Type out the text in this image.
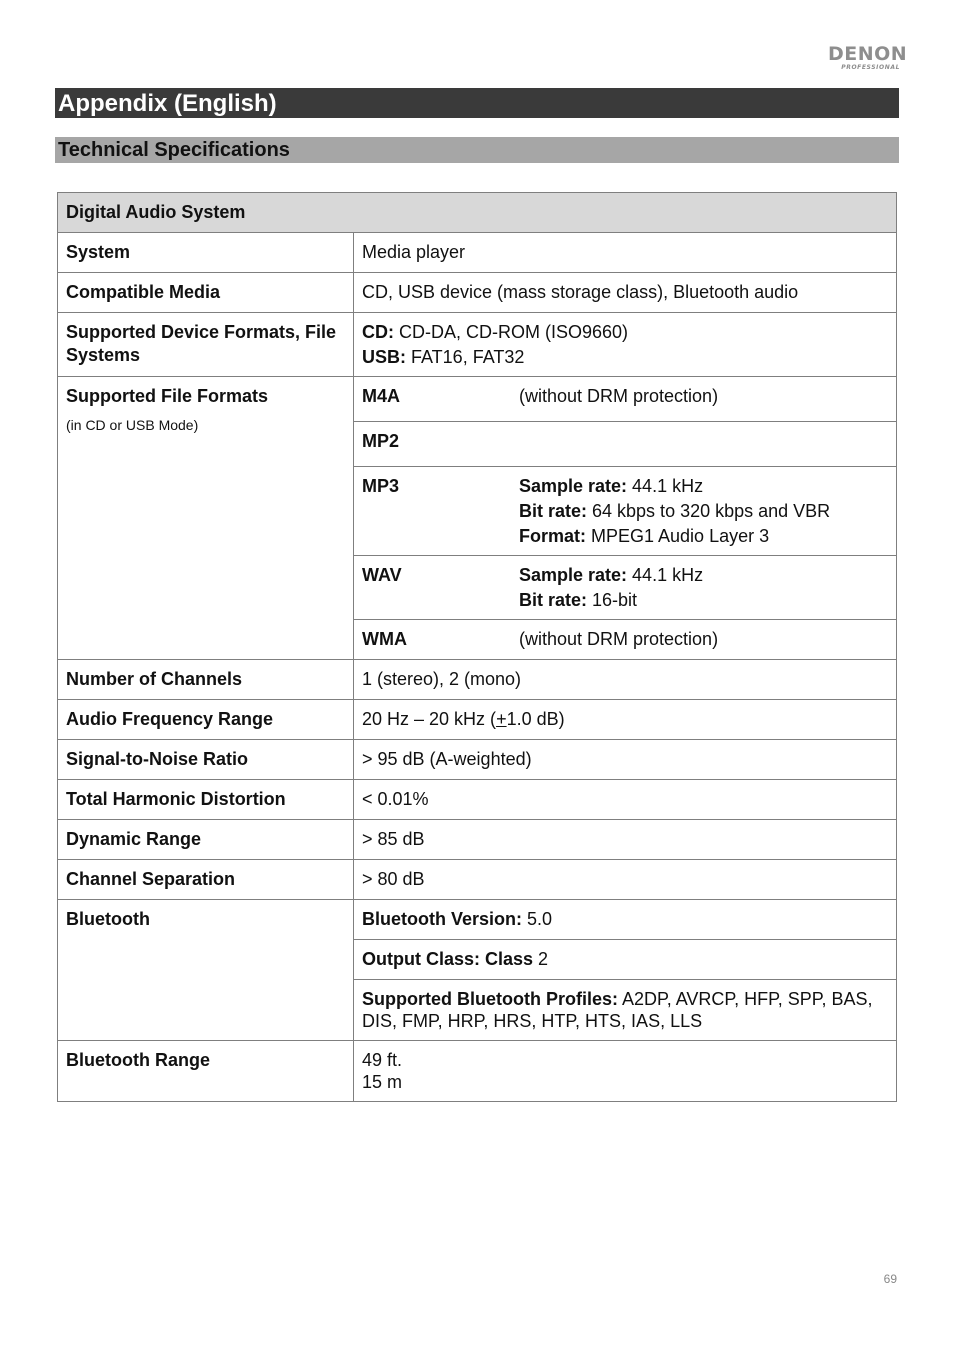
DENON
PROFESSIONAL
Appendix (English)
Technical Specifications
Digital Audio System		
System	Media player	
Compatible Media	CD, USB device (mass storage class), Bluetooth audio	
Supported Device Formats, File Systems	CD: CD-DA, CD-ROM (ISO9660)
USB: FAT16, FAT32	

Supported File Formats
(in CD or USB Mode)	M4A	(without DRM protection)
	MP2	
	MP3	Sample rate: 44.1 kHz
Bit rate: 64 kbps to 320 kbps and VBR
Format: MPEG1 Audio Layer 3

	WAV	Sample rate: 44.1 kHz
Bit rate: 16-bit

	WMA	(without DRM protection)
Number of Channels	1 (stereo), 2 (mono)	
Audio Frequency Range	20 Hz – 20 kHz (+1.0 dB)	
Signal-to-Noise Ratio	> 95 dB (A-weighted)	
Total Harmonic Distortion	< 0.01%	
Dynamic Range	> 85 dB	
Channel Separation	> 80 dB	
Bluetooth	Bluetooth Version: 5.0	
	Output Class: Class 2	
	Supported Bluetooth Profiles: A2DP, AVRCP, HFP, SPP, BAS, DIS, FMP, HRP, HRS, HTP, HTS, IAS, LLS	
Bluetooth Range	49 ft.
15 m	
69
